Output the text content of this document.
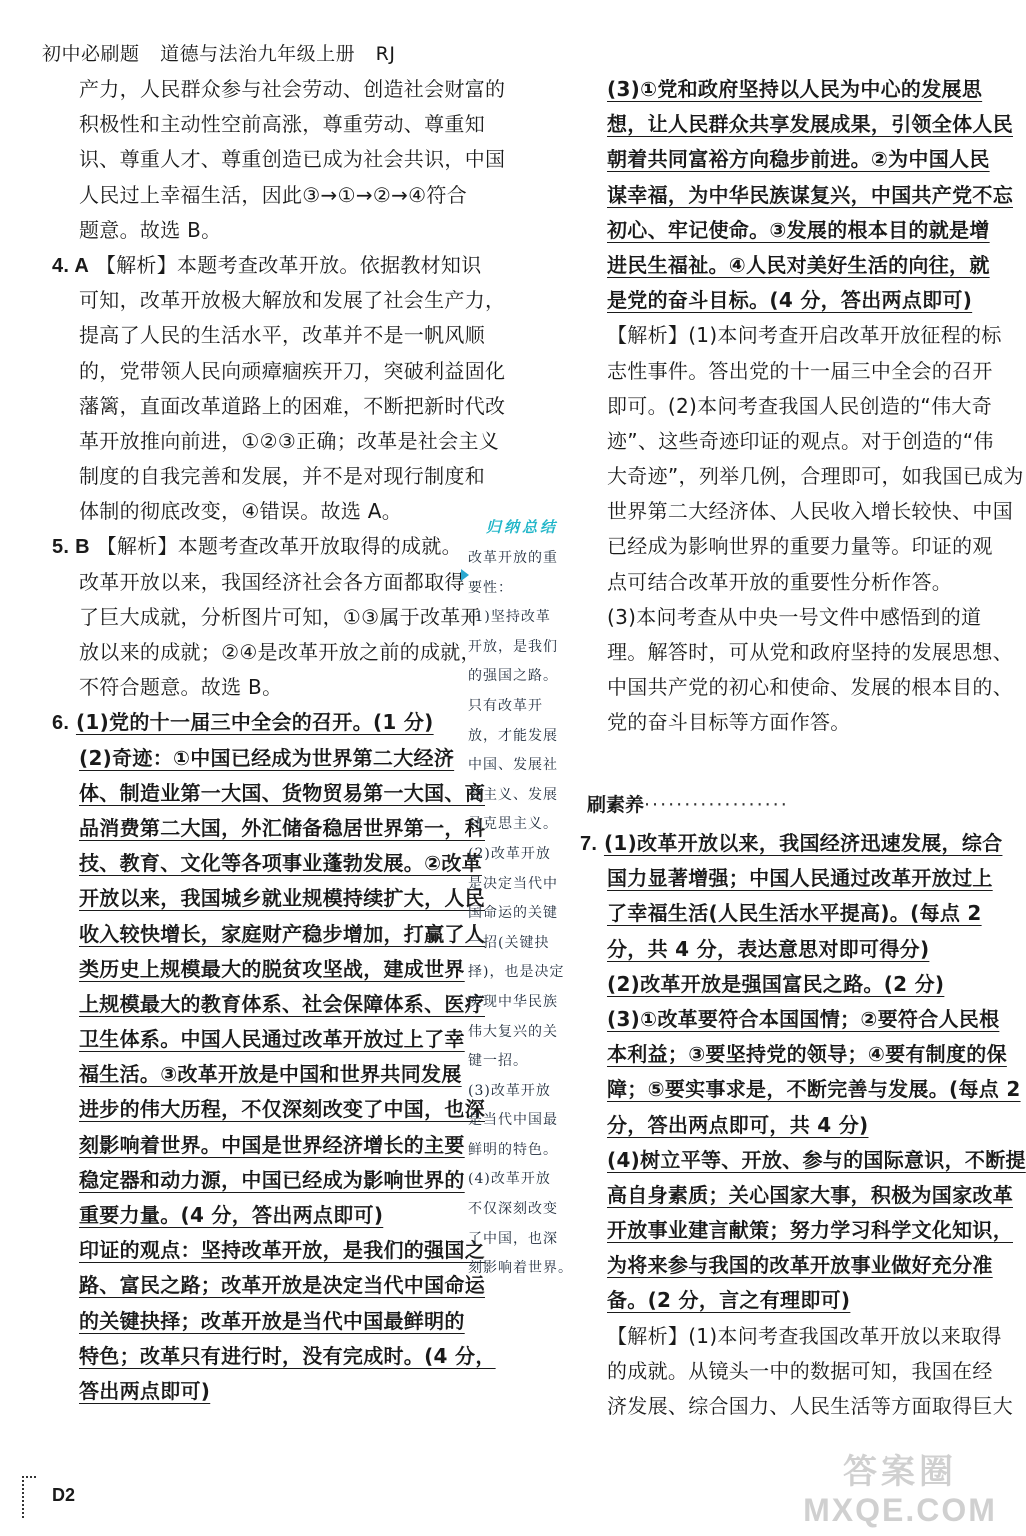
初中必刷题 道德与法治九年级上册 RJ
产力，人民群众参与社会劳动、创造社会财富的
积极性和主动性空前高涨，尊重劳动、尊重知
识、尊重人才、尊重创造已成为社会共识，中国
人民过上幸福生活，因此③→①→②→④符合
题意。故选 B。
4. A 【解析】本题考查改革开放。依据教材知识
可知，改革开放极大解放和发展了社会生产力，
提高了人民的生活水平，改革并不是一帆风顺
的，党带领人民向顽瘴痼疾开刀，突破利益固化
藩篱，直面改革道路上的困难，不断把新时代改
革开放推向前进，①②③正确；改革是社会主义
制度的自我完善和发展，并不是对现行制度和
体制的彻底改变，④错误。故选 A。
5. B 【解析】本题考查改革开放取得的成就。
改革开放以来，我国经济社会各方面都取得
了巨大成就，分析图片可知，①③属于改革开
放以来的成就；②④是改革开放之前的成就，
不符合题意。故选 B。
6. (1)党的十一届三中全会的召开。(1 分)
(2)奇迹：①中国已经成为世界第二大经济
体、制造业第一大国、货物贸易第一大国、商
品消费第二大国，外汇储备稳居世界第一，科
技、教育、文化等各项事业蓬勃发展。②改革
开放以来，我国城乡就业规模持续扩大，人民
收入较快增长，家庭财产稳步增加，打赢了人
类历史上规模最大的脱贫攻坚战，建成世界
上规模最大的教育体系、社会保障体系、医疗
卫生体系。中国人民通过改革开放过上了幸
福生活。③改革开放是中国和世界共同发展
进步的伟大历程，不仅深刻改变了中国，也深
刻影响着世界。中国是世界经济增长的主要
稳定器和动力源，中国已经成为影响世界的
重要力量。(4 分，答出两点即可)
印证的观点：坚持改革开放，是我们的强国之
路、富民之路；改革开放是决定当代中国命运
的关键抉择；改革开放是当代中国最鲜明的
特色；改革只有进行时，没有完成时。(4 分，
答出两点即可)
归纳总结
改革开放的重
要性：
(1)坚持改革
开放，是我们
的强国之路。
只有改革开
放，才能发展
中国、发展社
会主义、发展
马克思主义。
(2)改革开放
是决定当代中
国命运的关键
一招(关键抉
择)，也是决定
实现中华民族
伟大复兴的关
键一招。
(3)改革开放
是当代中国最
鲜明的特色。
(4)改革开放
不仅深刻改变
了中国，也深
刻影响着世界。
(3)①党和政府坚持以人民为中心的发展思
想，让人民群众共享发展成果，引领全体人民
朝着共同富裕方向稳步前进。②为中国人民
谋幸福，为中华民族谋复兴，中国共产党不忘
初心、牢记使命。③发展的根本目的就是增
进民生福祉。④人民对美好生活的向往，就
是党的奋斗目标。(4 分，答出两点即可)
【解析】(1)本问考查开启改革开放征程的标
志性事件。答出党的十一届三中全会的召开
即可。(2)本问考查我国人民创造的“伟大奇
迹”、这些奇迹印证的观点。对于创造的“伟
大奇迹”，列举几例，合理即可，如我国已成为
世界第二大经济体、人民收入增长较快、中国
已经成为影响世界的重要力量等。印证的观
点可结合改革开放的重要性分析作答。
(3)本问考查从中央一号文件中感悟到的道
理。解答时，可从党和政府坚持的发展思想、
中国共产党的初心和使命、发展的根本目的、
党的奋斗目标等方面作答。
刷素养··················
7. (1)改革开放以来，我国经济迅速发展，综合
国力显著增强；中国人民通过改革开放过上
了幸福生活(人民生活水平提高)。(每点 2
分，共 4 分，表达意思对即可得分)
(2)改革开放是强国富民之路。(2 分)
(3)①改革要符合本国国情；②要符合人民根
本利益；③要坚持党的领导；④要有制度的保
障；⑤要实事求是，不断完善与发展。(每点 2
分，答出两点即可，共 4 分)
(4)树立平等、开放、参与的国际意识，不断提
高自身素质；关心国家大事，积极为国家改革
开放事业建言献策；努力学习科学文化知识，
为将来参与我国的改革开放事业做好充分准
备。(2 分，言之有理即可)
【解析】(1)本问考查我国改革开放以来取得
的成就。从镜头一中的数据可知，我国在经
济发展、综合国力、人民生活等方面取得巨大
D2
答案圈
MXQE.COM
